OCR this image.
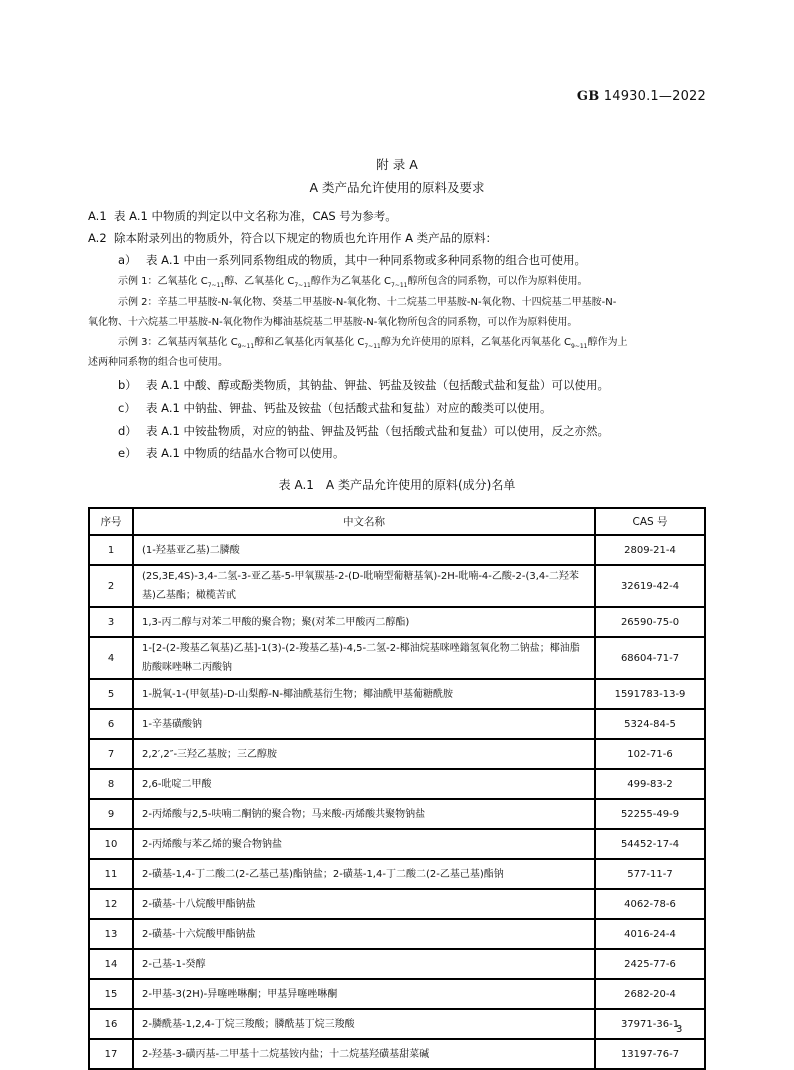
GB 14930.1—2022
附 录 A
A 类产品允许使用的原料及要求
A.1 表 A.1 中物质的判定以中文名称为准，CAS 号为参考。
A.2 除本附录列出的物质外，符合以下规定的物质也允许用作 A 类产品的原料：
a） 表 A.1 中由一系列同系物组成的物质，其中一种同系物或多种同系物的组合也可使用。
示例 1：乙氧基化 $C_{7\sim 11}$醇、乙氧基化 $C_{7\sim 11}$醇作为乙氧基化 $C_{7\sim 11}$醇所包含的同系物，可以作为原料使用。
示例 2：辛基二甲基胺-N-氧化物、癸基二甲基胺-N-氧化物、十二烷基二甲基胺-N-氧化物、十四烷基二甲基胺-N-
氧化物、十六烷基二甲基胺-N-氧化物作为椰油基烷基二甲基胺-N-氧化物所包含的同系物，可以作为原料使用。
示例 3：乙氧基丙氧基化 $C_{9\sim 11}$醇和乙氧基化丙氧基化 $C_{7\sim 11}$醇为允许使用的原料，乙氧基化丙氧基化 $C_{9\sim 11}$醇作为上
述两种同系物的组合也可使用。
b） 表 A.1 中酸、醇或酚类物质，其钠盐、钾盐、钙盐及铵盐（包括酸式盐和复盐）可以使用。
c） 表 A.1 中钠盐、钾盐、钙盐及铵盐（包括酸式盐和复盐）对应的酸类可以使用。
d） 表 A.1 中铵盐物质，对应的钠盐、钾盐及钙盐（包括酸式盐和复盐）可以使用，反之亦然。
e） 表 A.1 中物质的结晶水合物可以使用。
表 A.1　A 类产品允许使用的原料(成分)名单
序号	中文名称	CAS 号
1	(1-羟基亚乙基)二膦酸	2809-21-4
2	(2S,3E,4S)-3,4-二氢-3-亚乙基-5-甲氧羰基-2-(D-吡喃型葡糖基氧)-2H-吡喃-4-乙酸-2-(3,4-二羟苯基)乙基酯；橄榄苦甙	32619-42-4
3	1,3-丙二醇与对苯二甲酸的聚合物；聚(对苯二甲酸丙二醇酯)	26590-75-0
4	1-[2-(2-羧基乙氧基)乙基]-1(3)-(2-羧基乙基)-4,5-二氢-2-椰油烷基咪唑鎓氢氧化物二钠盐；椰油脂肪酸咪唑啉二丙酸钠	68604-71-7
5	1-脱氧-1-(甲氨基)-D-山梨醇-N-椰油酰基衍生物；椰油酰甲基葡糖酰胺	1591783-13-9
6	1-辛基磺酸钠	5324-84-5
7	2,2′,2″-三羟乙基胺；三乙醇胺	102-71-6
8	2,6-吡啶二甲酸	499-83-2
9	2-丙烯酸与2,5-呋喃二酮钠的聚合物；马来酸-丙烯酸共聚物钠盐	52255-49-9
10	2-丙烯酸与苯乙烯的聚合物钠盐	54452-17-4
11	2-磺基-1,4-丁二酸二(2-乙基己基)酯钠盐；2-磺基-1,4-丁二酸二(2-乙基己基)酯钠	577-11-7
12	2-磺基-十八烷酸甲酯钠盐	4062-78-6
13	2-磺基-十六烷酸甲酯钠盐	4016-24-4
14	2-己基-1-癸醇	2425-77-6
15	2-甲基-3(2H)-异噻唑啉酮；甲基异噻唑啉酮	2682-20-4
16	2-膦酰基-1,2,4-丁烷三羧酸；膦酰基丁烷三羧酸	37971-36-1
17	2-羟基-3-磺丙基-二甲基十二烷基铵内盐；十二烷基羟磺基甜菜碱	13197-76-7
3
